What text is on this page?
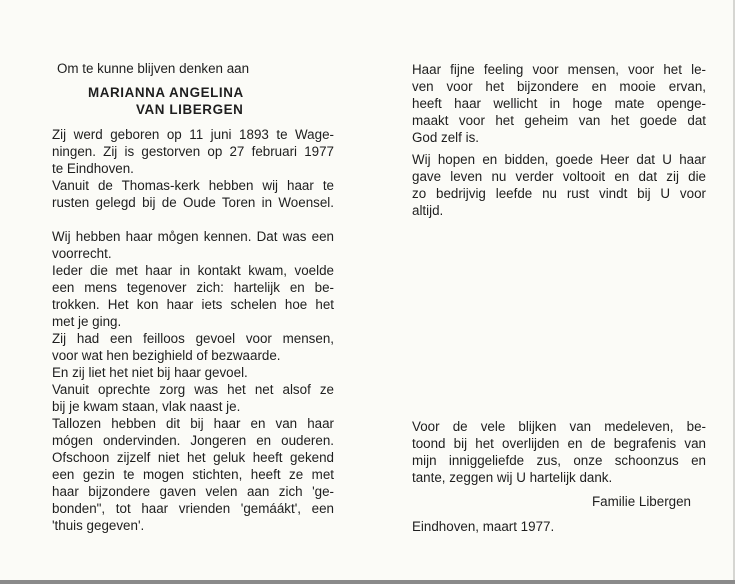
Om te kunne blijven denken aan
MARIANNA ANGELINA
VAN LIBERGEN
Zij werd geboren op 11 juni 1893 te Wage-
ningen. Zij is gestorven op 27 februari 1977
te Eindhoven.
Vanuit de Thomas-kerk hebben wij haar te
rusten gelegd bij de Oude Toren in Woensel.
Wij hebben haar mo̊gen kennen. Dat was een
voorrecht.
Ieder die met haar in kontakt kwam, voelde
een mens tegenover zich: hartelijk en be-
trokken. Het kon haar iets schelen hoe het
met je ging.
Zij had een feilloos gevoel voor mensen,
voor wat hen bezighield of bezwaarde.
En zij liet het niet bij haar gevoel.
Vanuit oprechte zorg was het net alsof ze
bij je kwam staan, vlak naast je.
Tallozen hebben dit bij haar en van haar
mógen ondervinden. Jongeren en ouderen.
Ofschoon zijzelf niet het geluk heeft gekend
een gezin te mogen stichten, heeft ze met
haar bijzondere gaven velen aan zich 'ge-
bonden", tot haar vrienden 'gemáákt', een
'thuis gegeven'.
Haar fijne feeling voor mensen, voor het le-
ven voor het bijzondere en mooie ervan,
heeft haar wellicht in hoge mate openge-
maakt voor het geheim van het goede dat
God zelf is.
Wij hopen en bidden, goede Heer dat U haar
gave leven nu verder voltooit en dat zij die
zo bedrijvig leefde nu rust vindt bij U voor
altijd.
Voor de vele blijken van medeleven, be-
toond bij het overlijden en de begrafenis van
mijn inniggeliefde zus, onze schoonzus en
tante, zeggen wij U hartelijk dank.
Familie Libergen
Eindhoven, maart 1977.
